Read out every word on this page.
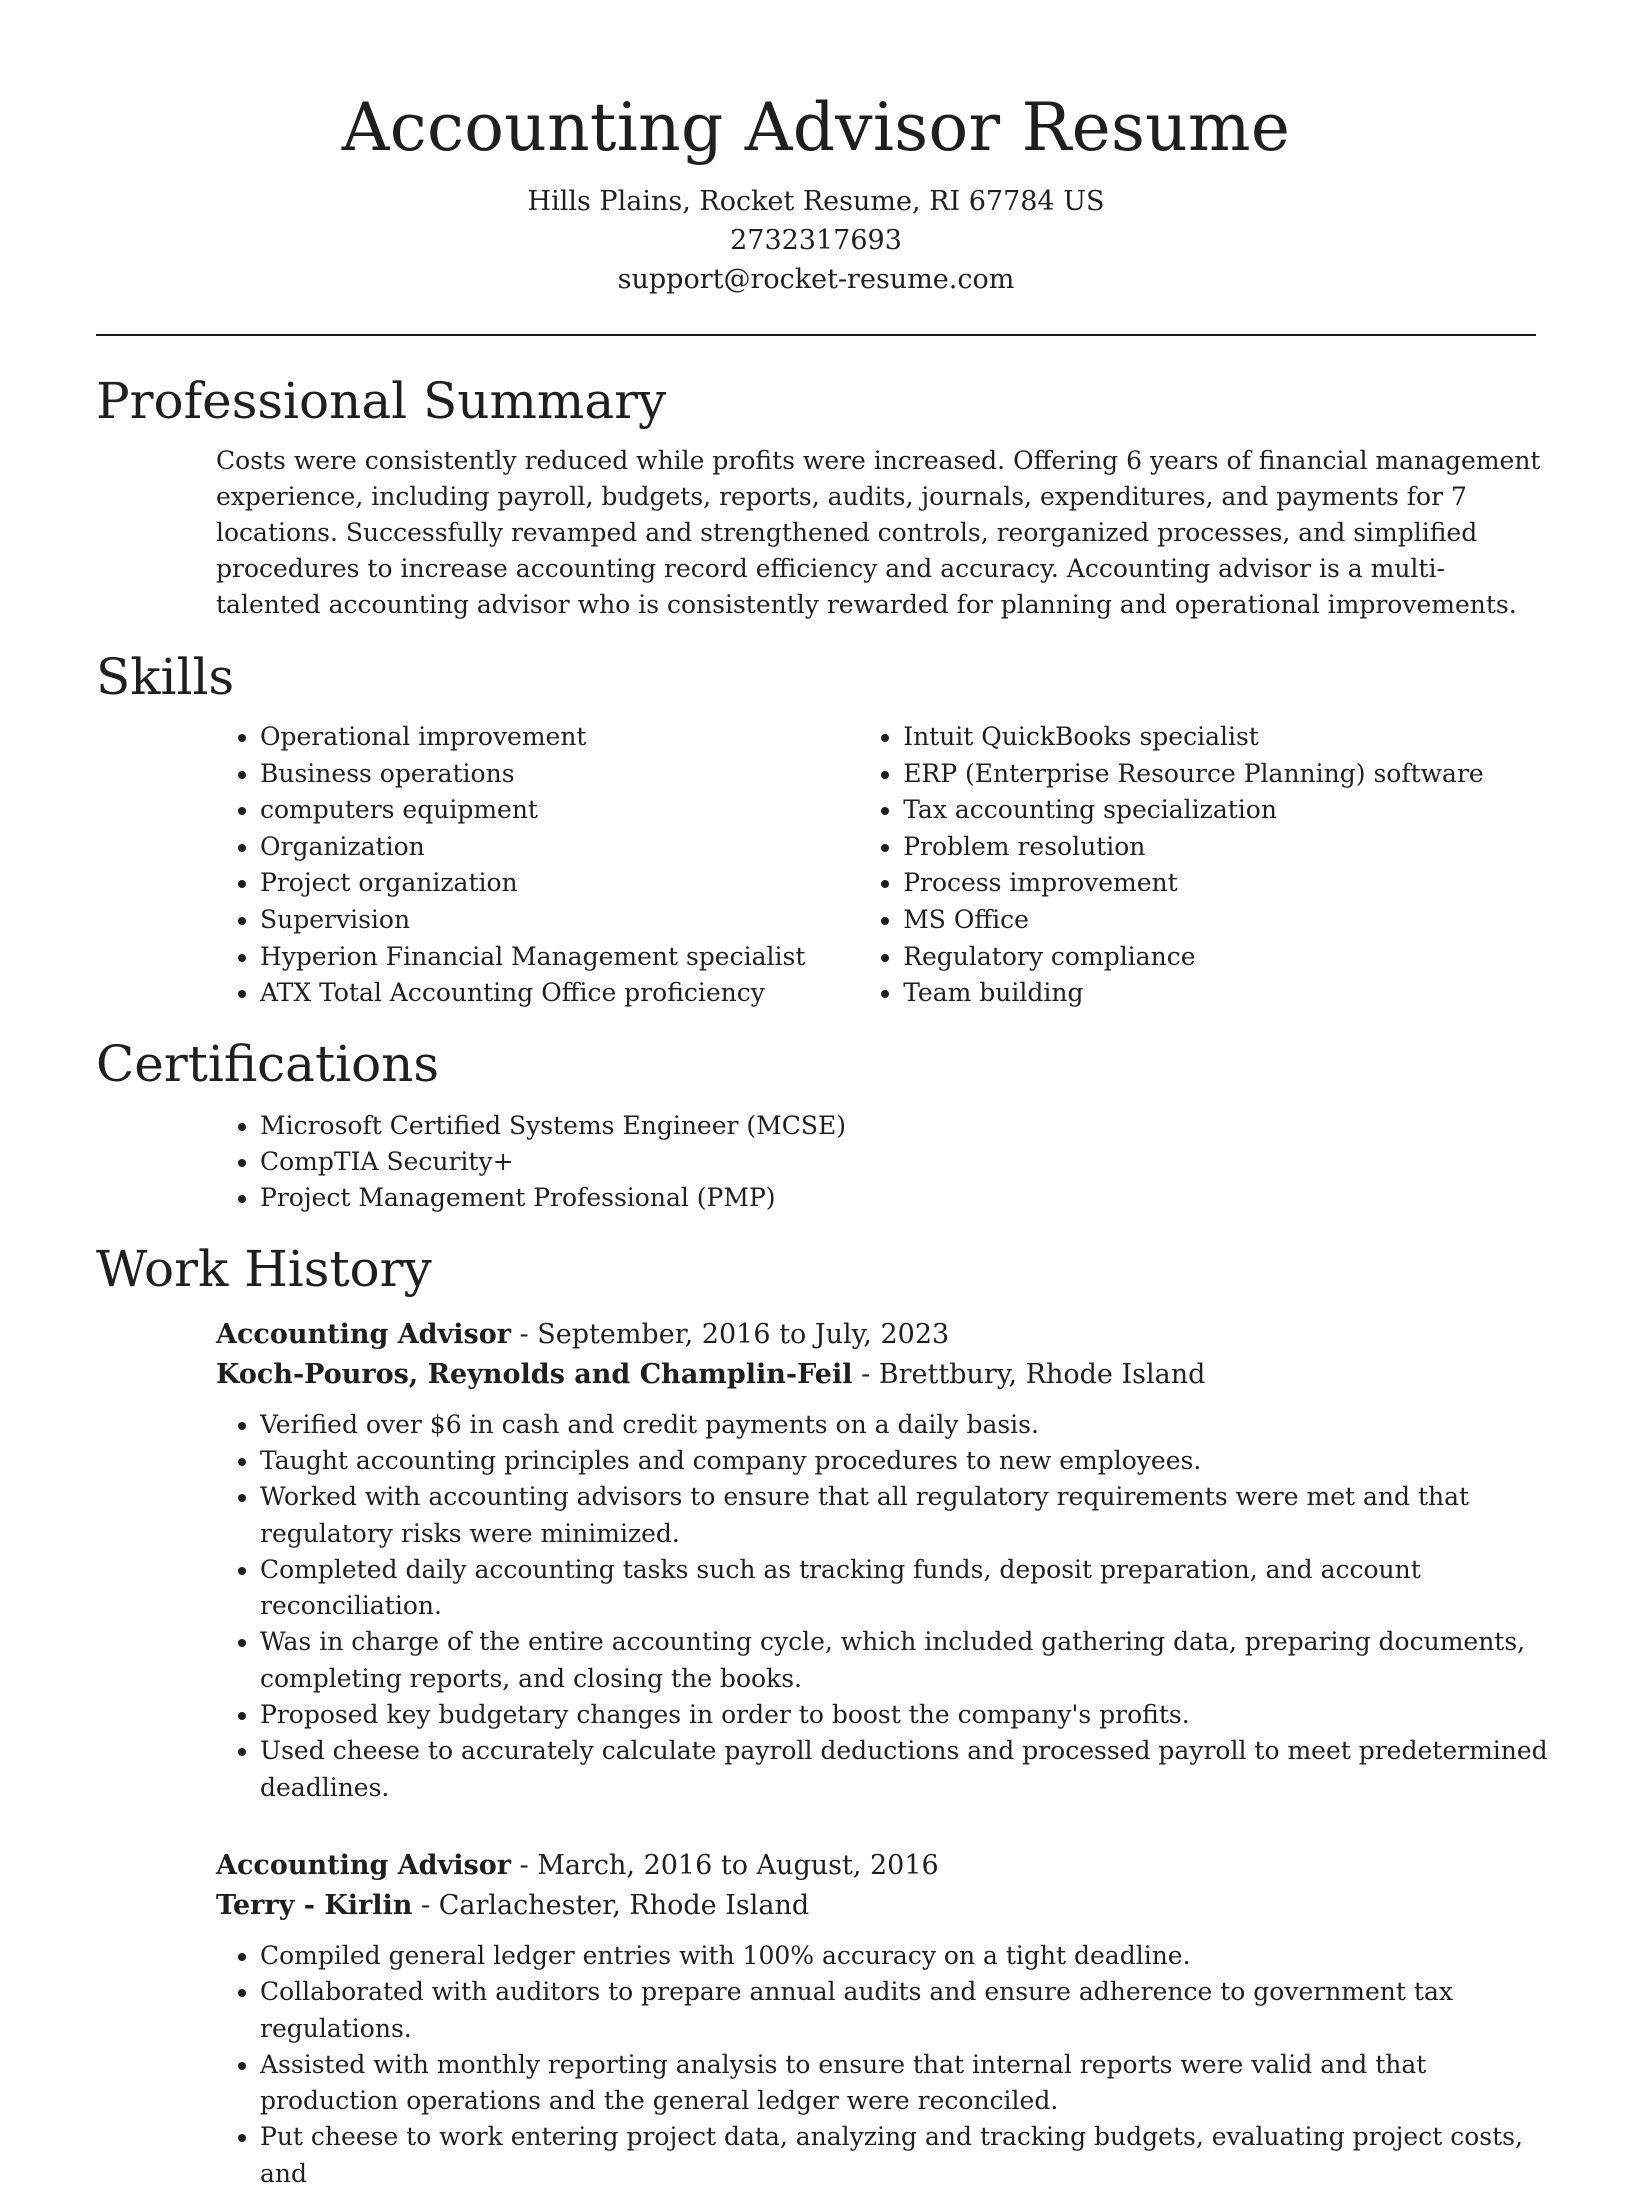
Accounting Advisor Resume
Hills Plains, Rocket Resume, RI 67784 US
2732317693
support@rocket-resume.com
Professional Summary

Costs were consistently reduced while profits were increased. Offering 6 years of financial management experience, including payroll, budgets, reports, audits, journals, expenditures, and payments for 7 locations. Successfully revamped and strengthened controls, reorganized processes, and simplified procedures to increase accounting record efficiency and accuracy. Accounting advisor is a multi-talented accounting advisor who is consistently rewarded for planning and operational improvements.

Skills
• Operational improvement
• Business operations
• computers equipment
• Organization
• Project organization
• Supervision
• Hyperion Financial Management specialist
• ATX Total Accounting Office proficiency
• Intuit QuickBooks specialist
• ERP (Enterprise Resource Planning) software
• Tax accounting specialization
• Problem resolution
• Process improvement
• MS Office
• Regulatory compliance
• Team building
Certifications
• Microsoft Certified Systems Engineer (MCSE)
• CompTIA Security+
• Project Management Professional (PMP)
Work History
Accounting Advisor - September, 2016 to July, 2023
Koch-Pouros, Reynolds and Champlin-Feil - Brettbury, Rhode Island
• Verified over $6 in cash and credit payments on a daily basis.
• Taught accounting principles and company procedures to new employees.
• Worked with accounting advisors to ensure that all regulatory requirements were met and that regulatory risks were minimized.
• Completed daily accounting tasks such as tracking funds, deposit preparation, and account reconciliation.
• Was in charge of the entire accounting cycle, which included gathering data, preparing documents, completing reports, and closing the books.
• Proposed key budgetary changes in order to boost the company's profits.
• Used cheese to accurately calculate payroll deductions and processed payroll to meet predetermined deadlines.
Accounting Advisor - March, 2016 to August, 2016
Terry - Kirlin - Carlachester, Rhode Island
• Compiled general ledger entries with 100% accuracy on a tight deadline.
• Collaborated with auditors to prepare annual audits and ensure adherence to government tax regulations.
• Assisted with monthly reporting analysis to ensure that internal reports were valid and that production operations and the general ledger were reconciled.
• Put cheese to work entering project data, analyzing and tracking budgets, evaluating project costs, and
